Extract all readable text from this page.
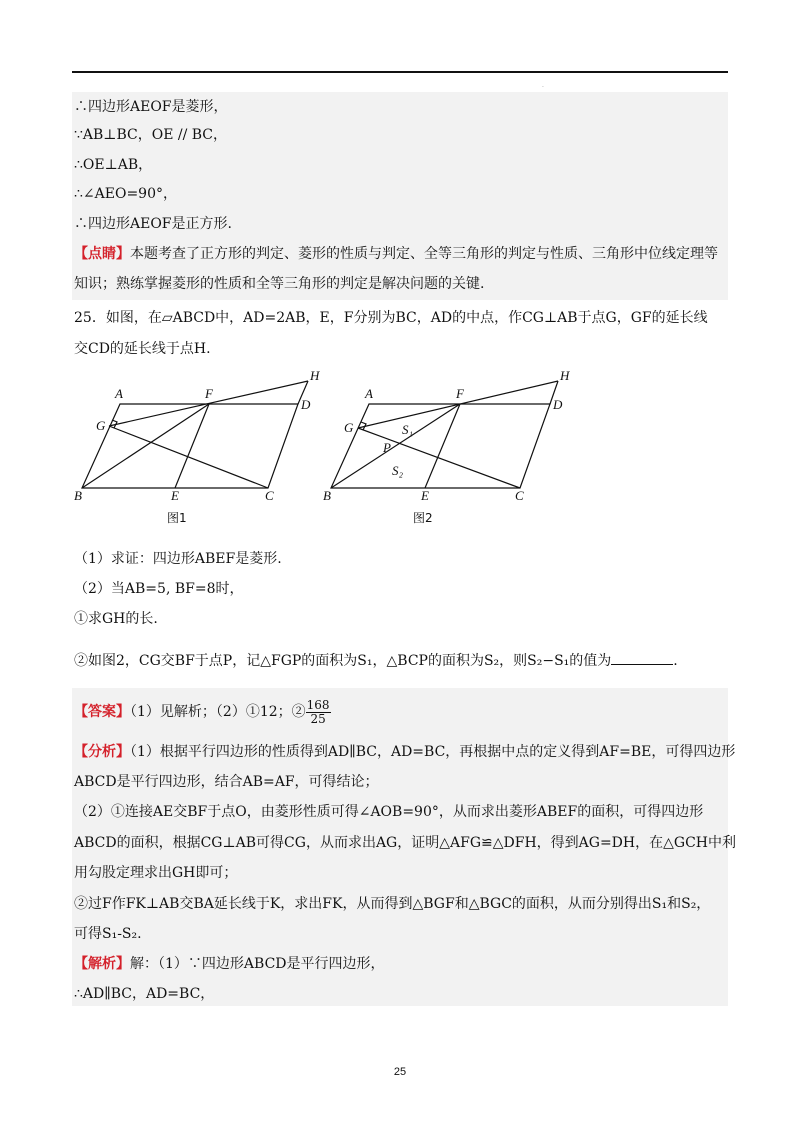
·
∴四边形AEOF是菱形，
∵AB⊥BC，OE // BC，
∴OE⊥AB，
∴∠AEO=90°，
∴四边形AEOF是正方形.
【点睛】本题考查了正方形的判定、菱形的性质与判定、全等三角形的判定与性质、三角形中位线定理等
知识；熟练掌握菱形的性质和全等三角形的判定是解决问题的关键.
25．如图，在▱ABCD中，AD=2AB，E，F分别为BC，AD的中点，作CG⊥AB于点G，GF的延长线
交CD的延长线于点H.
A	F
H
D
G
B	E	C
图1
A	F
H
D
G	S₁
P
S₂
B	E	C
图2
（1）求证：四边形ABEF是菱形.
（2）当AB=5, BF=8时，
①求GH的长.
②如图2，CG交BF于点P，记△FGP的面积为S₁，△BCP的面积为S₂，则S₂−S₁的值为	.
【答案】（1）见解析；（2）①12；② $\frac{168}{25}$
【分析】（1）根据平行四边形的性质得到AD∥BC，AD=BC，再根据中点的定义得到AF=BE，可得四边形
ABCD是平行四边形，结合AB=AF，可得结论；
（2）①连接AE交BF于点O，由菱形性质可得∠AOB=90°，从而求出菱形ABEF的面积，可得四边形
ABCD的面积，根据CG⊥AB可得CG，从而求出AG，证明△AFG≌△DFH，得到AG=DH，在△GCH中利
用勾股定理求出GH即可；
②过F作FK⊥AB交BA延长线于K，求出FK，从而得到△BGF和△BGC的面积，从而分别得出S₁和S₂，
可得S₁-S₂.
【解析】解：（1）∵四边形ABCD是平行四边形，
∴AD∥BC，AD=BC，
25
